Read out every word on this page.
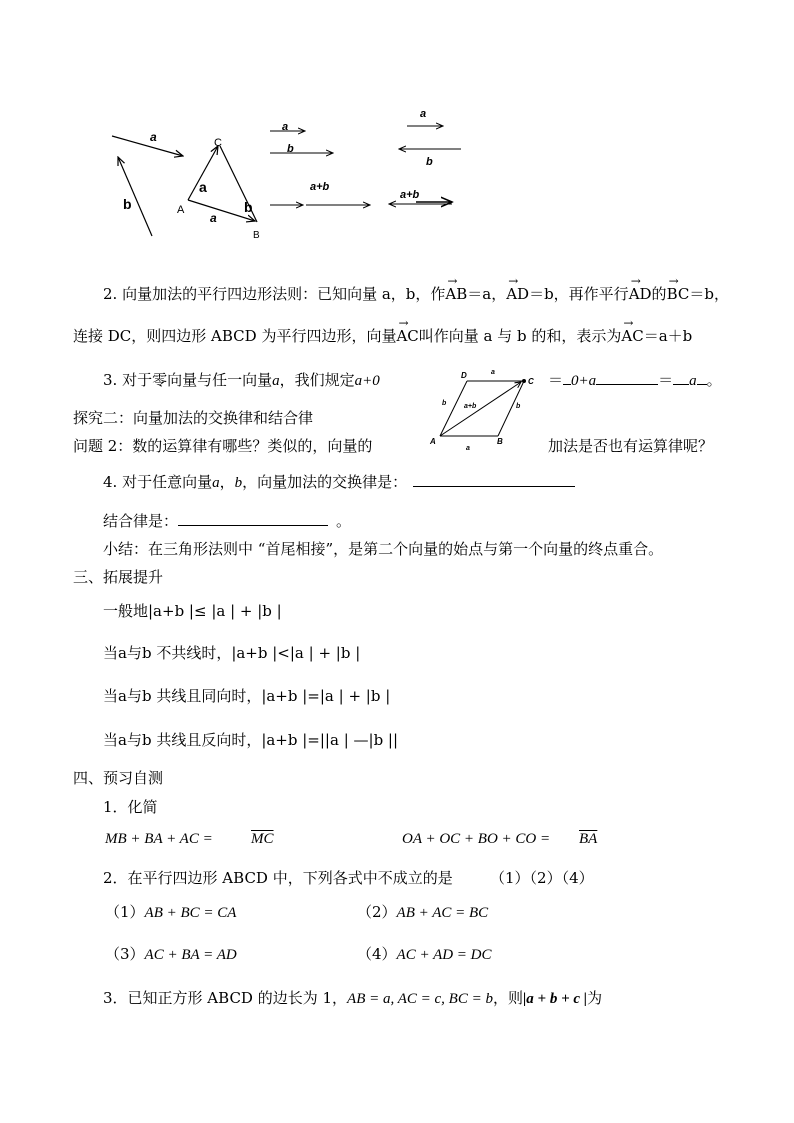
a
b
C
A
B
a
b
a
a
b
a+b
a
b
a+b
2. 向量加法的平行四边形法则：已知向量 a，b，作→ AB＝a，→ AD＝b，再作平行→ AD的→ BC＝b，
连接 DC，则四边形 ABCD 为平行四边形，向量→ AC叫作向量 a 与 b 的和，表示为→ AC＝a＋b
3. 对于零向量与任一向量a，我们规定a+0	＝ 0+a	＝ a 。
D
C
A	B
a
b	a+b	b
a
探究二：向量加法的交换律和结合律
问题 2：数的运算律有哪些？类似的，向量的	加法是否也有运算律呢？
4. 对于任意向量a，b，向量加法的交换律是：
结合律是：	。
小结：在三角形法则中 “首尾相接”，是第二个向量的始点与第一个向量的终点重合。
三、拓展提升
一般地|a+b |≤ |a | + |b |
当a与b 不共线时，|a+b |<|a | + |b |
当a与b 共线且同向时，|a+b |=|a | + |b |
当a与b 共线且反向时，|a+b |=||a | —|b ||
四、预习自测
1．化简
MB + BA + AC =	$\overline{MC}$	OA + OC + BO + CO = $\overline{BA}$
2．在平行四边形 ABCD 中，下列各式中不成立的是 （1）（2）（4）
（1）AB + BC = CA	（2）AB + AC = BC
（3）AC + BA = AD	（4）AC + AD = DC
3．已知正方形 ABCD 的边长为 1，AB = a, AC = c, BC = b，则|a + b + c |为
